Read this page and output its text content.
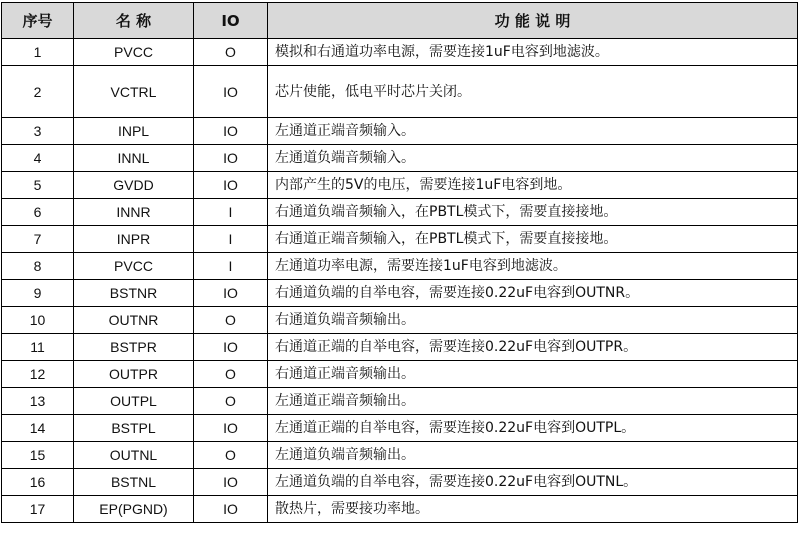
序号	名 称	IO	功 能 说 明
1	PVCC	O	模拟和右通道功率电源，需要连接1uF电容到地滤波。
2	VCTRL	IO	芯片使能，低电平时芯片关闭。
3	INPL	IO	左通道正端音频输入。
4	INNL	IO	左通道负端音频输入。
5	GVDD	IO	内部产生的5V的电压，需要连接1uF电容到地。
6	INNR	I	右通道负端音频输入，在PBTL模式下，需要直接接地。
7	INPR	I	右通道正端音频输入，在PBTL模式下，需要直接接地。
8	PVCC	I	左通道功率电源，需要连接1uF电容到地滤波。
9	BSTNR	IO	右通道负端的自举电容，需要连接0.22uF电容到OUTNR。
10	OUTNR	O	右通道负端音频输出。
11	BSTPR	IO	右通道正端的自举电容，需要连接0.22uF电容到OUTPR。
12	OUTPR	O	右通道正端音频输出。
13	OUTPL	O	左通道正端音频输出。
14	BSTPL	IO	左通道正端的自举电容，需要连接0.22uF电容到OUTPL。
15	OUTNL	O	左通道负端音频输出。
16	BSTNL	IO	左通道负端的自举电容，需要连接0.22uF电容到OUTNL。
17	EP(PGND)	IO	散热片，需要接功率地。
